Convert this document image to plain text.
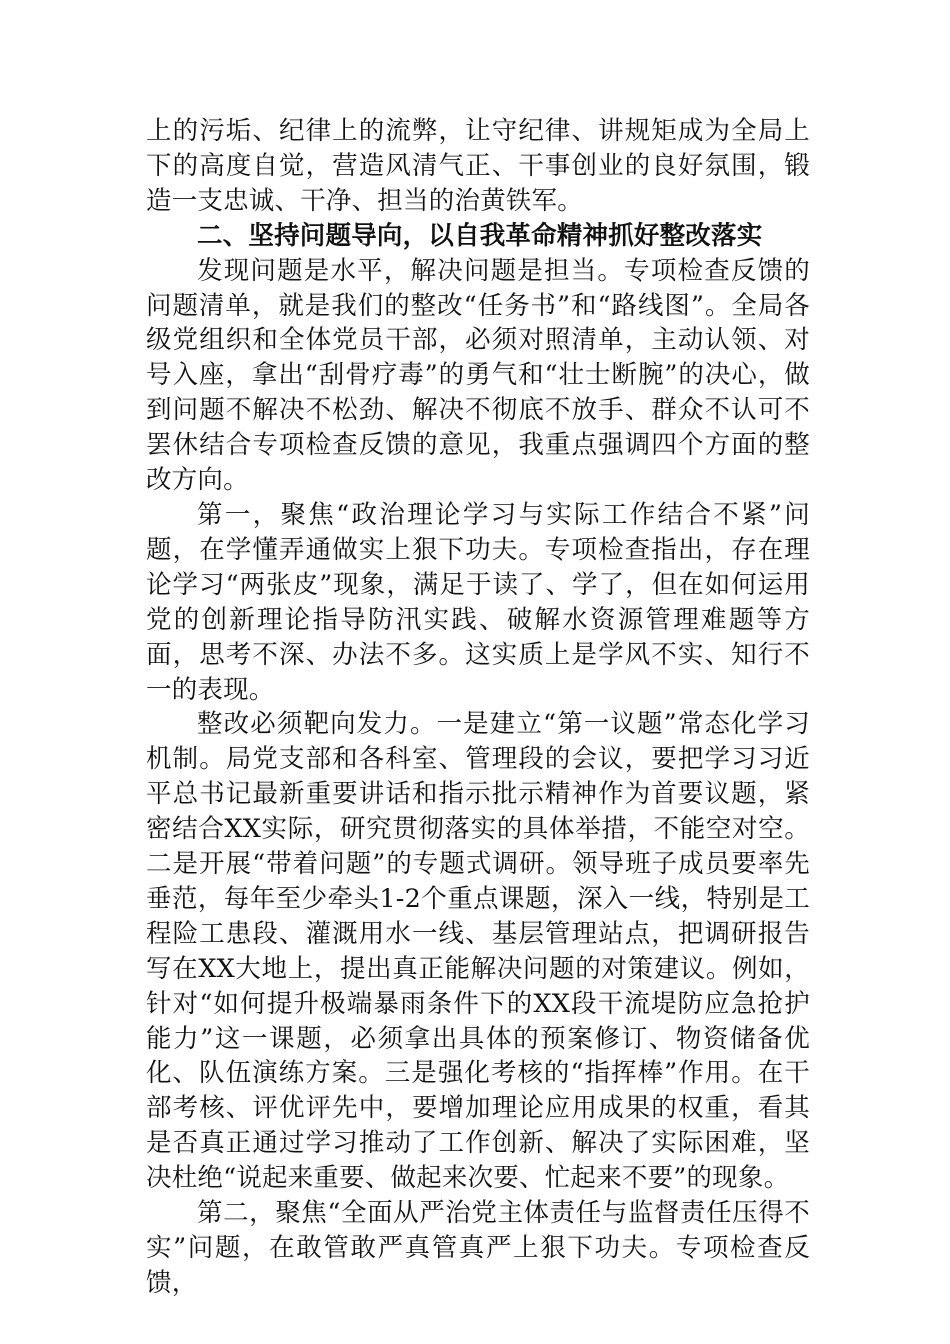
上的污垢、纪律上的流弊，让守纪律、讲规矩成为全局上下的高度自觉，营造风清气正、干事创业的良好氛围，锻造一支忠诚、干净、担当的治黄铁军。

二、坚持问题导向，以自我革命精神抓好整改落实

发现问题是水平，解决问题是担当。专项检查反馈的问题清单，就是我们的整改“任务书”和“路线图”。全局各级党组织和全体党员干部，必须对照清单，主动认领、对号入座，拿出“刮骨疗毒”的勇气和“壮士断腕”的决心，做到问题不解决不松劲、解决不彻底不放手、群众不认可不罢休结合专项检查反馈的意见，我重点强调四个方面的整改方向。

第一，聚焦“政治理论学习与实际工作结合不紧”问题，在学懂弄通做实上狠下功夫。专项检查指出，存在理论学习“两张皮”现象，满足于读了、学了，但在如何运用党的创新理论指导防汛实践、破解水资源管理难题等方面，思考不深、办法不多。这实质上是学风不实、知行不一的表现。

整改必须靶向发力。一是建立“第一议题”常态化学习机制。局党支部和各科室、管理段的会议，要把学习习近平总书记最新重要讲话和指示批示精神作为首要议题，紧密结合XX实际，研究贯彻落实的具体举措，不能空对空。二是开展“带着问题”的专题式调研。领导班子成员要率先垂范，每年至少牵头1-2个重点课题，深入一线，特别是工程险工患段、灌溉用水一线、基层管理站点，把调研报告写在XX大地上，提出真正能解决问题的对策建议。例如，针对“如何提升极端暴雨条件下的XX段干流堤防应急抢护能力”这一课题，必须拿出具体的预案修订、物资储备优化、队伍演练方案。三是强化考核的“指挥棒”作用。在干部考核、评优评先中，要增加理论应用成果的权重，看其是否真正通过学习推动了工作创新、解决了实际困难，坚决杜绝“说起来重要、做起来次要、忙起来不要”的现象。

第二，聚焦“全面从严治党主体责任与监督责任压得不实”问题，在敢管敢严真管真严上狠下功夫。专项检查反馈，
